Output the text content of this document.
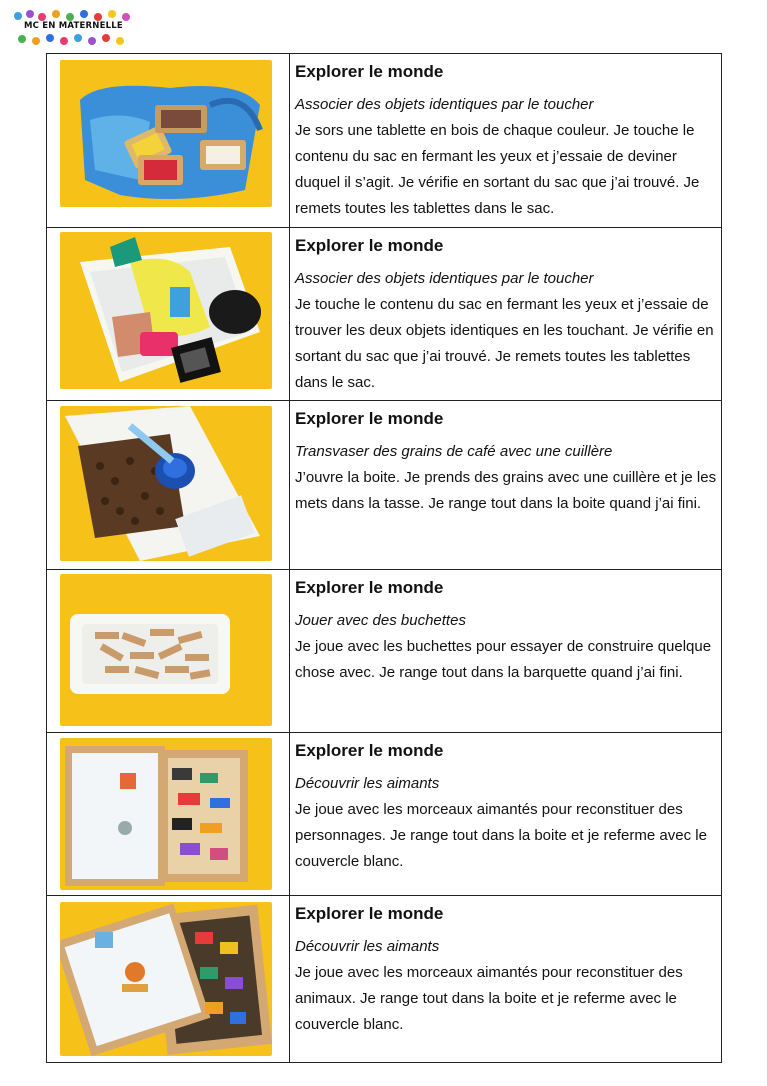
MC EN MATERNELLE
Explorer le monde
Associer des objets identiques par le toucher
Je sors une tablette en bois de chaque couleur. Je touche le contenu du sac en fermant les yeux et j’essaie de deviner duquel il s’agit. Je vérifie en sortant du sac que j’ai trouvé. Je remets toutes les tablettes dans le sac.
Explorer le monde
Associer des objets identiques par le toucher
Je touche le contenu du sac en fermant les yeux et j’essaie de trouver les deux objets identiques en les touchant. Je vérifie en sortant du sac que j’ai trouvé. Je remets toutes les tablettes dans le sac.
Explorer le monde
Transvaser des grains de café avec une cuillère
J’ouvre la boite. Je prends des grains avec une cuillère et je les mets dans la tasse. Je range tout dans la boite quand j’ai fini.
Explorer le monde
Jouer avec des buchettes
Je joue avec les buchettes pour essayer de construire quelque chose avec. Je range tout dans la barquette quand j’ai fini.
Explorer le monde
Découvrir les aimants
Je joue avec les morceaux aimantés pour reconstituer des personnages. Je range tout dans la boite et je referme avec le couvercle blanc.
Explorer le monde
Découvrir les aimants
Je joue avec les morceaux aimantés pour reconstituer des animaux. Je range tout dans la boite et je referme avec le couvercle blanc.
